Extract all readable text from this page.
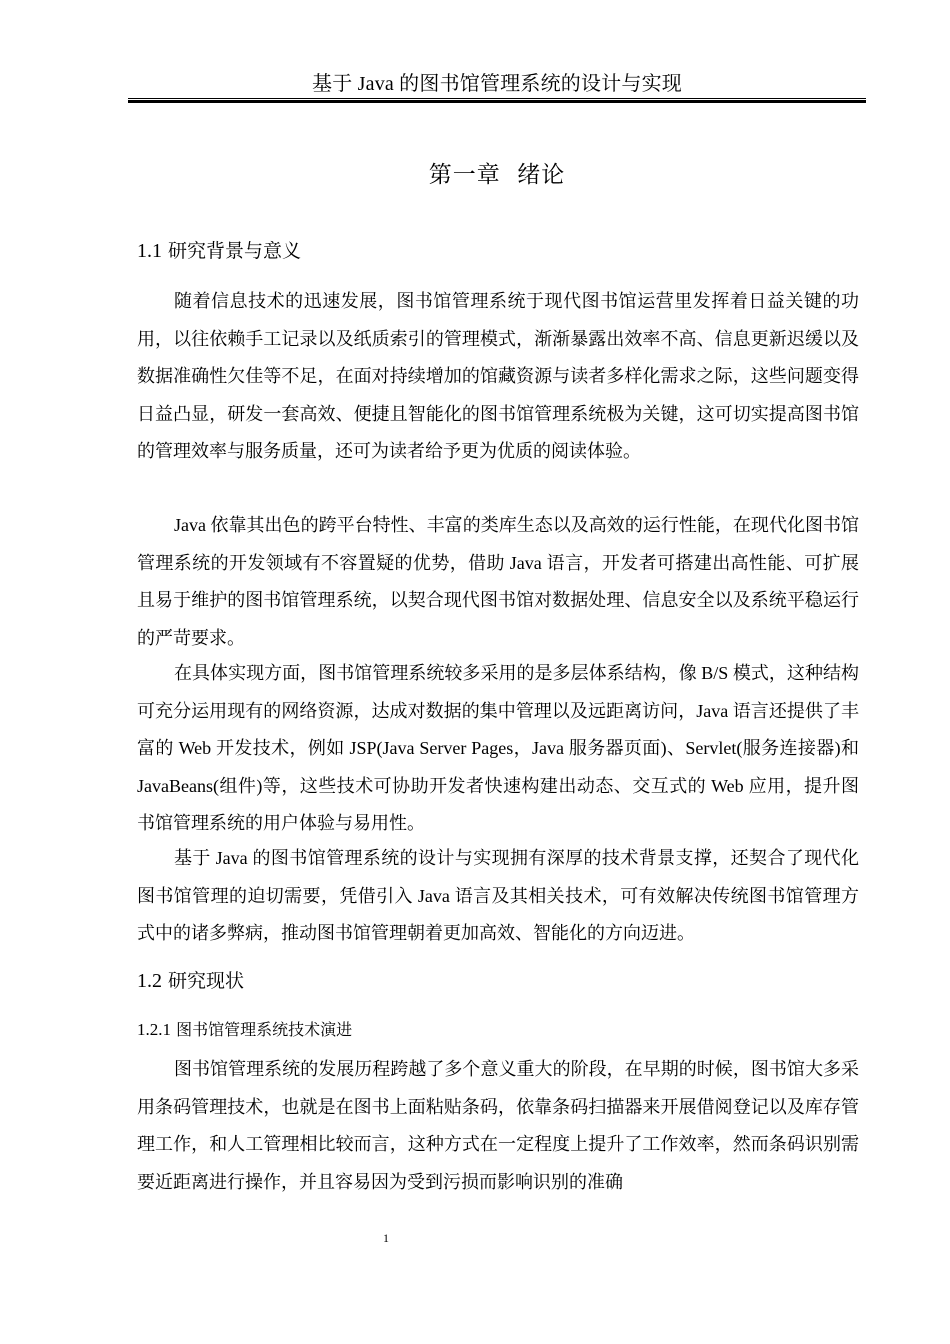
基于 Java 的图书馆管理系统的设计与实现
第一章  绪论
1.1 研究背景与意义

随着信息技术的迅速发展，图书馆管理系统于现代图书馆运营里发挥着日益关键的功用，以往依赖手工记录以及纸质索引的管理模式，渐渐暴露出效率不高、信息更新迟缓以及数据准确性欠佳等不足，在面对持续增加的馆藏资源与读者多样化需求之际，这些问题变得日益凸显，研发一套高效、便捷且智能化的图书馆管理系统极为关键，这可切实提高图书馆的管理效率与服务质量，还可为读者给予更为优质的阅读体验。

Java 依靠其出色的跨平台特性、丰富的类库生态以及高效的运行性能，在现代化图书馆管理系统的开发领域有不容置疑的优势，借助 Java 语言，开发者可搭建出高性能、可扩展且易于维护的图书馆管理系统，以契合现代图书馆对数据处理、信息安全以及系统平稳运行的严苛要求。

在具体实现方面，图书馆管理系统较多采用的是多层体系结构，像 B/S 模式，这种结构可充分运用现有的网络资源，达成对数据的集中管理以及远距离访问，Java 语言还提供了丰富的 Web 开发技术，例如 JSP(Java Server Pages，Java 服务器页面)、Servlet(服务连接器)和 JavaBeans(组件)等，这些技术可协助开发者快速构建出动态、交互式的 Web 应用，提升图书馆管理系统的用户体验与易用性。

基于 Java 的图书馆管理系统的设计与实现拥有深厚的技术背景支撑，还契合了现代化图书馆管理的迫切需要，凭借引入 Java 语言及其相关技术，可有效解决传统图书馆管理方式中的诸多弊病，推动图书馆管理朝着更加高效、智能化的方向迈进。

1.2 研究现状
1.2.1 图书馆管理系统技术演进

图书馆管理系统的发展历程跨越了多个意义重大的阶段，在早期的时候，图书馆大多采用条码管理技术，也就是在图书上面粘贴条码，依靠条码扫描器来开展借阅登记以及库存管理工作，和人工管理相比较而言，这种方式在一定程度上提升了工作效率，然而条码识别需要近距离进行操作，并且容易因为受到污损而影响识别的准确

1
